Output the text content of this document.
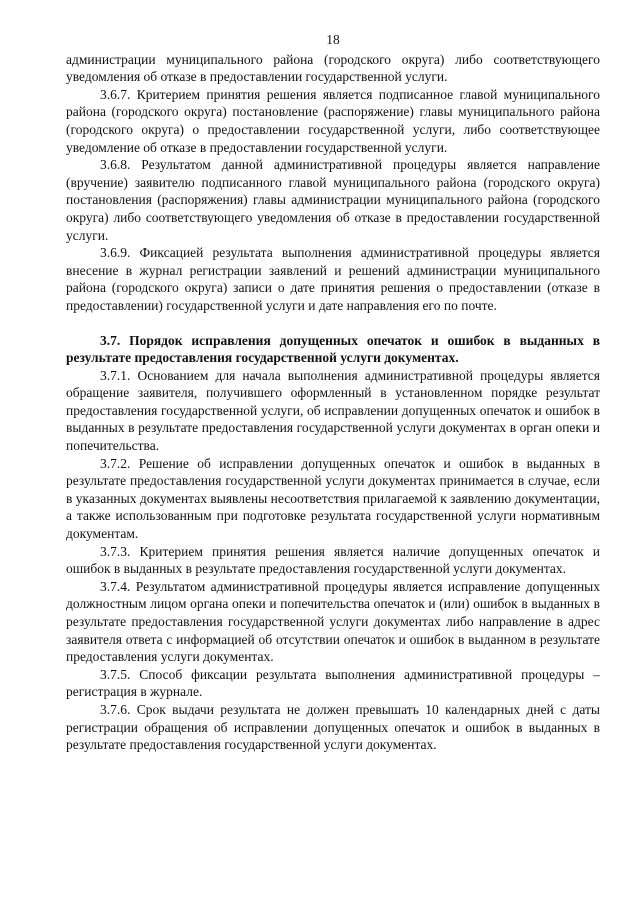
18

администрации муниципального района (городского округа) либо соответствующего уведомления об отказе в предоставлении государственной услуги.

3.6.7. Критерием принятия решения является подписанное главой муниципального района (городского округа) постановление (распоряжение) главы муниципального района (городского округа) о предоставлении государственной услуги, либо соответствующее уведомление об отказе в предоставлении государственной услуги.

3.6.8. Результатом данной административной процедуры является направление (вручение) заявителю подписанного главой муниципального района (городского округа) постановления (распоряжения) главы администрации муниципального района (городского округа) либо соответствующего уведомления об отказе в предоставлении государственной услуги.

3.6.9. Фиксацией результата выполнения административной процедуры является внесение в журнал регистрации заявлений и решений администрации муниципального района (городского округа) записи о дате принятия решения о предоставлении (отказе в предоставлении) государственной услуги и дате направления его по почте.

3.7. Порядок исправления допущенных опечаток и ошибок в выданных в результате предоставления государственной услуги документах.

3.7.1. Основанием для начала выполнения административной процедуры является обращение заявителя, получившего оформленный в установленном порядке результат предоставления государственной услуги, об исправлении допущенных опечаток и ошибок в выданных в результате предоставления государственной услуги документах в орган опеки и попечительства.

3.7.2. Решение об исправлении допущенных опечаток и ошибок в выданных в результате предоставления государственной услуги документах принимается в случае, если в указанных документах выявлены несоответствия прилагаемой к заявлению документации, а также использованным при подготовке результата государственной услуги нормативным документам.

3.7.3. Критерием принятия решения является наличие допущенных опечаток и ошибок в выданных в результате предоставления государственной услуги документах.

3.7.4. Результатом административной процедуры является исправление допущенных должностным лицом органа опеки и попечительства опечаток и (или) ошибок в выданных в результате предоставления государственной услуги документах либо направление в адрес заявителя ответа с информацией об отсутствии опечаток и ошибок в выданном в результате предоставления услуги документах.

3.7.5. Способ фиксации результата выполнения административной процедуры – регистрация в журнале.

3.7.6. Срок выдачи результата не должен превышать 10 календарных дней с даты регистрации обращения об исправлении допущенных опечаток и ошибок в выданных в результате предоставления государственной услуги документах.
